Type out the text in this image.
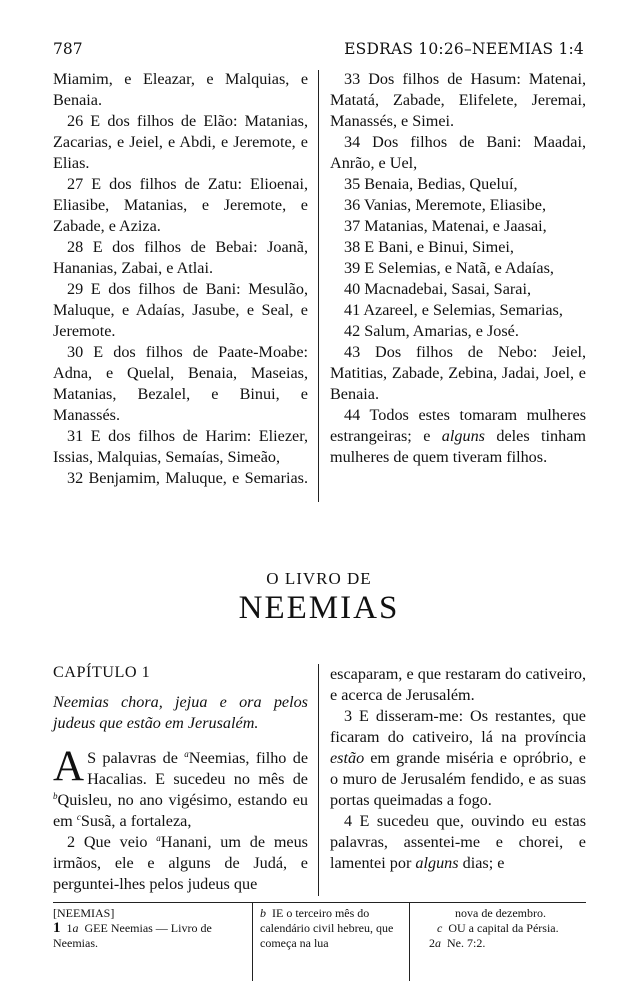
787	ESDRAS 10:26–NEEMIAS 1:4

Miamim, e Eleazar, e Malquias, e Benaia.

26 E dos filhos de Elão: Matanias, Zacarias, e Jeiel, e Abdi, e Jeremote, e Elias.

27 E dos filhos de Zatu: Elioenai, Eliasibe, Matanias, e Jeremote, e Zabade, e Aziza.

28 E dos filhos de Bebai: Joanã, Hananias, Zabai, e Atlai.

29 E dos filhos de Bani: Mesulão, Maluque, e Adaías, Jasube, e Seal, e Jeremote.

30 E dos filhos de Paate-Moabe: Adna, e Quelal, Benaia, Maseias, Matanias, Bezalel, e Binui, e Manassés.

31 E dos filhos de Harim: Eliezer, Issias, Malquias, Semaías, Simeão,

32 Benjamim, Maluque, e Semarias.

33 Dos filhos de Hasum: Matenai, Matatá, Zabade, Elifelete, Jeremai, Manassés, e Simei.

34 Dos filhos de Bani: Maadai, Anrão, e Uel,

35 Benaia, Bedias, Queluí,

36 Vanias, Meremote, Eliasibe,

37 Matanias, Matenai, e Jaasai,

38 E Bani, e Binui, Simei,

39 E Selemias, e Natã, e Adaías,

40 Macnadebai, Sasai, Sarai,

41 Azareel, e Selemias, Semarias,

42 Salum, Amarias, e José.

43 Dos filhos de Nebo: Jeiel, Matitias, Zabade, Zebina, Jadai, Joel, e Benaia.

44 Todos estes tomaram mulheres estrangeiras; e alguns deles tinham mulheres de quem tiveram filhos.

O LIVRO DE
NEEMIAS

CAPÍTULO 1

Neemias chora, jejua e ora pelos judeus que estão em Jerusalém.

A S palavras de $^a$Neemias, filho de Hacalias. E sucedeu no mês de $^b$Quisleu, no ano vigésimo, estando eu em $^c$Susã, a fortaleza,

2 Que veio $^a$Hanani, um de meus irmãos, ele e alguns de Judá, e perguntei-lhes pelos judeus que

escaparam, e que restaram do cativeiro, e acerca de Jerusalém.

3 E disseram-me: Os restantes, que ficaram do cativeiro, lá na província estão em grande miséria e opróbrio, e o muro de Jerusalém fendido, e as suas portas queimadas a fogo.

4 E sucedeu que, ouvindo eu estas palavras, assentei-me e chorei, e lamentei por alguns dias; e

[NEEMIAS]
1 1a GEE Neemias — Livro de Neemias.
b IE o terceiro mês do calendário civil hebreu, que começa na lua
nova de dezembro.
c OU a capital da Pérsia.
2a Ne. 7:2.
